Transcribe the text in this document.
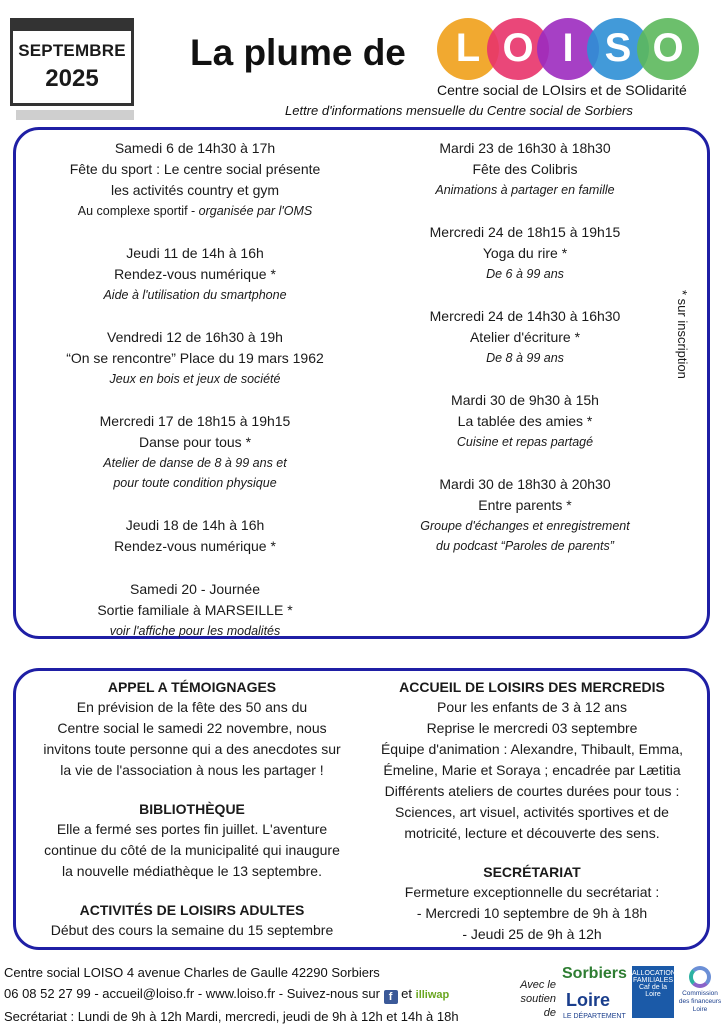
SEPTEMBRE
2025
La plume de	L O I S O
Centre social de LOIsirs et de SOlidarité
Lettre d'informations mensuelle du Centre social de Sorbiers
Samedi 6 de 14h30 à 17h
Fête du sport : Le centre social présente
les activités country et gym
Au complexe sportif - organisée par l'OMS
Jeudi 11 de 14h à 16h
Rendez-vous numérique *
Aide à l'utilisation du smartphone
Vendredi 12 de 16h30 à 19h
“On se rencontre” Place du 19 mars 1962
Jeux en bois et jeux de société
Mercredi 17 de 18h15 à 19h15
Danse pour tous *
Atelier de danse de 8 à 99 ans et
pour toute condition physique
Jeudi 18 de 14h à 16h
Rendez-vous numérique *
Samedi 20 - Journée
Sortie familiale à MARSEILLE *
voir l'affiche pour les modalités
Mardi 23 de 16h30 à 18h30
Fête des Colibris
Animations à partager en famille
Mercredi 24 de 18h15 à 19h15
Yoga du rire *
De 6 à 99 ans
Mercredi 24 de 14h30 à 16h30
Atelier d'écriture *
De 8 à 99 ans
Mardi 30 de 9h30 à 15h
La tablée des amies *
Cuisine et repas partagé
Mardi 30 de 18h30 à 20h30
Entre parents *
Groupe d'échanges et enregistrement
du podcast “Paroles de parents”
* sur inscription
APPEL A TÉMOIGNAGES
En prévision de la fête des 50 ans du
Centre social le samedi 22 novembre, nous
invitons toute personne qui a des anecdotes sur
la vie de l'association à nous les partager !
BIBLIOTHÈQUE
Elle a fermé ses portes fin juillet. L'aventure
continue du côté de la municipalité qui inaugure
la nouvelle médiathèque le 13 septembre.
ACTIVITÉS DE LOISIRS ADULTES
Début des cours la semaine du 15 septembre
ACCUEIL DE LOISIRS DES MERCREDIS
Pour les enfants de 3 à 12 ans
Reprise le mercredi 03 septembre
Équipe d'animation : Alexandre, Thibault, Emma,
Émeline, Marie et Soraya ; encadrée par Lætitia
Différents ateliers de courtes durées pour tous :
Sciences, art visuel, activités sportives et de
motricité, lecture et découverte des sens.
SECRÉTARIAT
Fermeture exceptionnelle du secrétariat :
- Mercredi 10 septembre de 9h à 18h
- Jeudi 25 de 9h à 12h
Centre social LOISO 4 avenue Charles de Gaulle 42290 Sorbiers
06 08 52 27 99 - accueil@loiso.fr - www.loiso.fr - Suivez-nous sur f et illiwap
Secrétariat : Lundi de 9h à 12h Mardi, mercredi, jeudi de 9h à 12h et 14h à 18h
Avec le soutien de
Sorbiers
Loire
LE DÉPARTEMENT
ALLOCATIONS FAMILIALES Caf de la Loire	Commission des financeurs Loire
